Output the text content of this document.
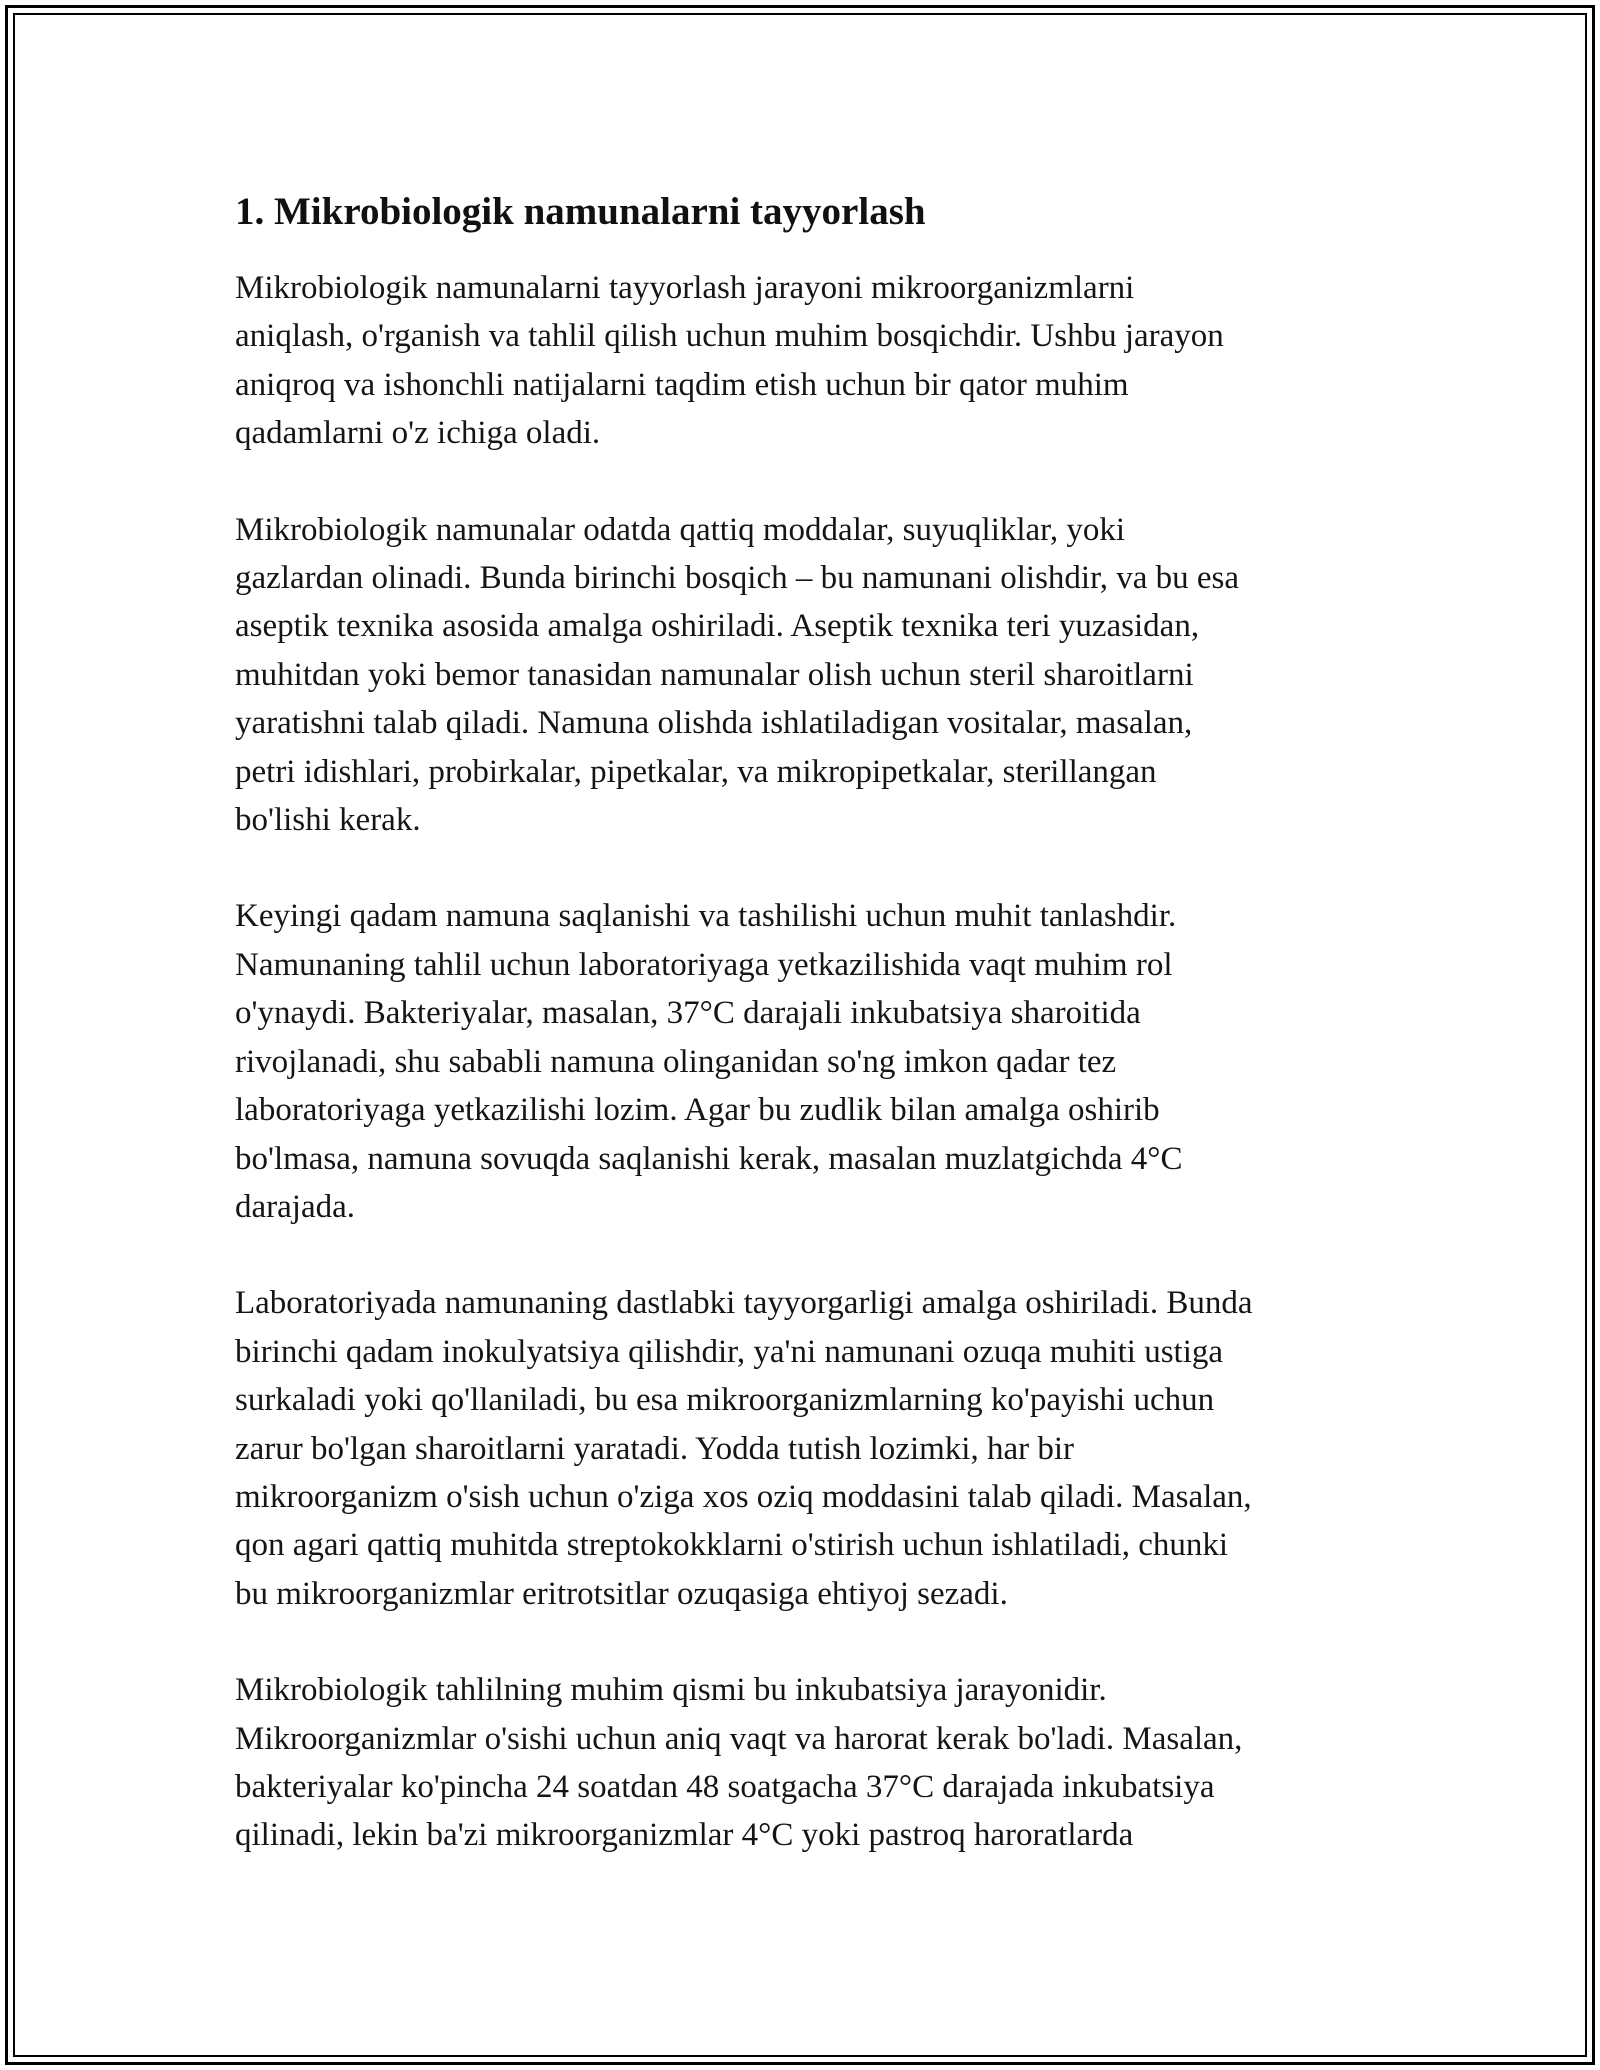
1. Mikrobiologik namunalarni tayyorlash

Mikrobiologik namunalarni tayyorlash jarayoni mikroorganizmlarni
aniqlash, o'rganish va tahlil qilish uchun muhim bosqichdir. Ushbu jarayon
aniqroq va ishonchli natijalarni taqdim etish uchun bir qator muhim
qadamlarni o'z ichiga oladi.

Mikrobiologik namunalar odatda qattiq moddalar, suyuqliklar, yoki
gazlardan olinadi. Bunda birinchi bosqich – bu namunani olishdir, va bu esa
aseptik texnika asosida amalga oshiriladi. Aseptik texnika teri yuzasidan,
muhitdan yoki bemor tanasidan namunalar olish uchun steril sharoitlarni
yaratishni talab qiladi. Namuna olishda ishlatiladigan vositalar, masalan,
petri idishlari, probirkalar, pipetkalar, va mikropipetkalar, sterillangan
bo'lishi kerak.

Keyingi qadam namuna saqlanishi va tashilishi uchun muhit tanlashdir.
Namunaning tahlil uchun laboratoriyaga yetkazilishida vaqt muhim rol
o'ynaydi. Bakteriyalar, masalan, 37°C darajali inkubatsiya sharoitida
rivojlanadi, shu sababli namuna olinganidan so'ng imkon qadar tez
laboratoriyaga yetkazilishi lozim. Agar bu zudlik bilan amalga oshirib
bo'lmasa, namuna sovuqda saqlanishi kerak, masalan muzlatgichda 4°C
darajada.

Laboratoriyada namunaning dastlabki tayyorgarligi amalga oshiriladi. Bunda
birinchi qadam inokulyatsiya qilishdir, ya'ni namunani ozuqa muhiti ustiga
surkaladi yoki qo'llaniladi, bu esa mikroorganizmlarning ko'payishi uchun
zarur bo'lgan sharoitlarni yaratadi. Yodda tutish lozimki, har bir
mikroorganizm o'sish uchun o'ziga xos oziq moddasini talab qiladi. Masalan,
qon agari qattiq muhitda streptokokklarni o'stirish uchun ishlatiladi, chunki
bu mikroorganizmlar eritrotsitlar ozuqasiga ehtiyoj sezadi.

Mikrobiologik tahlilning muhim qismi bu inkubatsiya jarayonidir.
Mikroorganizmlar o'sishi uchun aniq vaqt va harorat kerak bo'ladi. Masalan,
bakteriyalar ko'pincha 24 soatdan 48 soatgacha 37°C darajada inkubatsiya
qilinadi, lekin ba'zi mikroorganizmlar 4°C yoki pastroq haroratlarda
